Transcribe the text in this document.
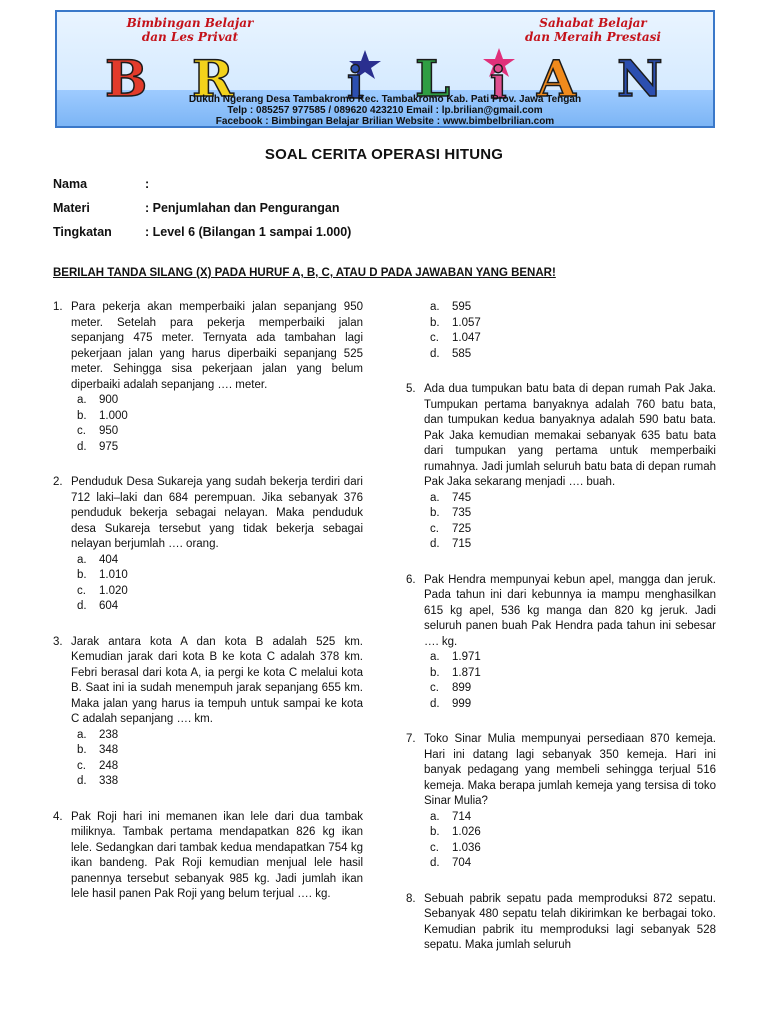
Bimbingan Belajar
dan Les Privat
Sahabat Belajar
dan Meraih Prestasi
B R	i L i A N
Dukuh Ngerang Desa Tambakromo Kec. Tambakromo Kab. Pati Prov. Jawa Tengah
Telp : 085257 977585 / 089620 423210 Email : lp.brilian@gmail.com
Facebook : Bimbingan Belajar Brilian Website : www.bimbelbrilian.com
SOAL CERITA OPERASI HITUNG
Nama	:
Materi	: Penjumlahan dan Pengurangan
Tingkatan	: Level 6 (Bilangan 1 sampai 1.000)
BERILAH TANDA SILANG (X) PADA HURUF A, B, C, ATAU D PADA JAWABAN YANG BENAR!
1. Para pekerja akan memperbaiki jalan sepanjang 950 meter. Setelah para pekerja memperbaiki jalan sepanjang 475 meter. Ternyata ada tambahan lagi pekerjaan jalan yang harus diperbaiki sepanjang 525 meter. Sehingga sisa pekerjaan jalan yang belum diperbaiki adalah sepanjang …. meter.
a.	900
b.	1.000
c.	950
d.	975
2. Penduduk Desa Sukareja yang sudah bekerja terdiri dari 712 laki–laki dan 684 perempuan. Jika sebanyak 376 penduduk bekerja sebagai nelayan. Maka penduduk desa Sukareja tersebut yang tidak bekerja sebagai nelayan berjumlah …. orang.
a.	404
b.	1.010
c.	1.020
d.	604
3. Jarak antara kota A dan kota B adalah 525 km. Kemudian jarak dari kota B ke kota C adalah 378 km. Febri berasal dari kota A, ia pergi ke kota C melalui kota B. Saat ini ia sudah menempuh jarak sepanjang 655 km. Maka jalan yang harus ia tempuh untuk sampai ke kota C adalah sepanjang …. km.
a.	238
b.	348
c.	248
d.	338
4. Pak Roji hari ini memanen ikan lele dari dua tambak miliknya. Tambak pertama mendapatkan 826 kg ikan lele. Sedangkan dari tambak kedua mendapatkan 754 kg ikan bandeng. Pak Roji kemudian menjual lele hasil panennya tersebut sebanyak 985 kg. Jadi jumlah ikan lele hasil panen Pak Roji yang belum terjual …. kg.
a.	595
b.	1.057
c.	1.047
d.	585
5. Ada dua tumpukan batu bata di depan rumah Pak Jaka. Tumpukan pertama banyaknya adalah 760 batu bata, dan tumpukan kedua banyaknya adalah 590 batu bata. Pak Jaka kemudian memakai sebanyak 635 batu bata dari tumpukan yang pertama untuk memperbaiki rumahnya. Jadi jumlah seluruh batu bata di depan rumah Pak Jaka sekarang menjadi …. buah.
a.	745
b.	735
c.	725
d.	715
6. Pak Hendra mempunyai kebun apel, mangga dan jeruk. Pada tahun ini dari kebunnya ia mampu menghasilkan 615 kg apel, 536 kg manga dan 820 kg jeruk. Jadi seluruh panen buah Pak Hendra pada tahun ini sebesar …. kg.
a.	1.971
b.	1.871
c.	899
d.	999
7. Toko Sinar Mulia mempunyai persediaan 870 kemeja. Hari ini datang lagi sebanyak 350 kemeja. Hari ini banyak pedagang yang membeli sehingga terjual 516 kemeja. Maka berapa jumlah kemeja yang tersisa di toko Sinar Mulia?
a.	714
b.	1.026
c.	1.036
d.	704
8. Sebuah pabrik sepatu pada memproduksi 872 sepatu. Sebanyak 480 sepatu telah dikirimkan ke berbagai toko. Kemudian pabrik itu memproduksi lagi sebanyak 528 sepatu. Maka jumlah seluruh
